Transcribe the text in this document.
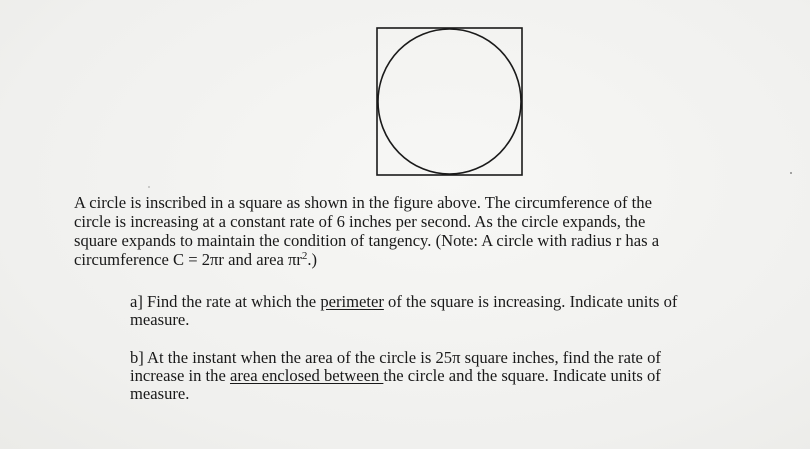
A circle is inscribed in a square as shown in the figure above. The circumference of the
circle is increasing at a constant rate of 6 inches per second. As the circle expands, the
square expands to maintain the condition of tangency. (Note: A circle with radius r has a
circumference C = 2πr and area $\pi r^2$.)

a] Find the rate at which the perimeter of the square is increasing. Indicate units of
measure.

b] At the instant when the area of the circle is 25π square inches, find the rate of
increase in the area enclosed between the circle and the square. Indicate units of
measure.
